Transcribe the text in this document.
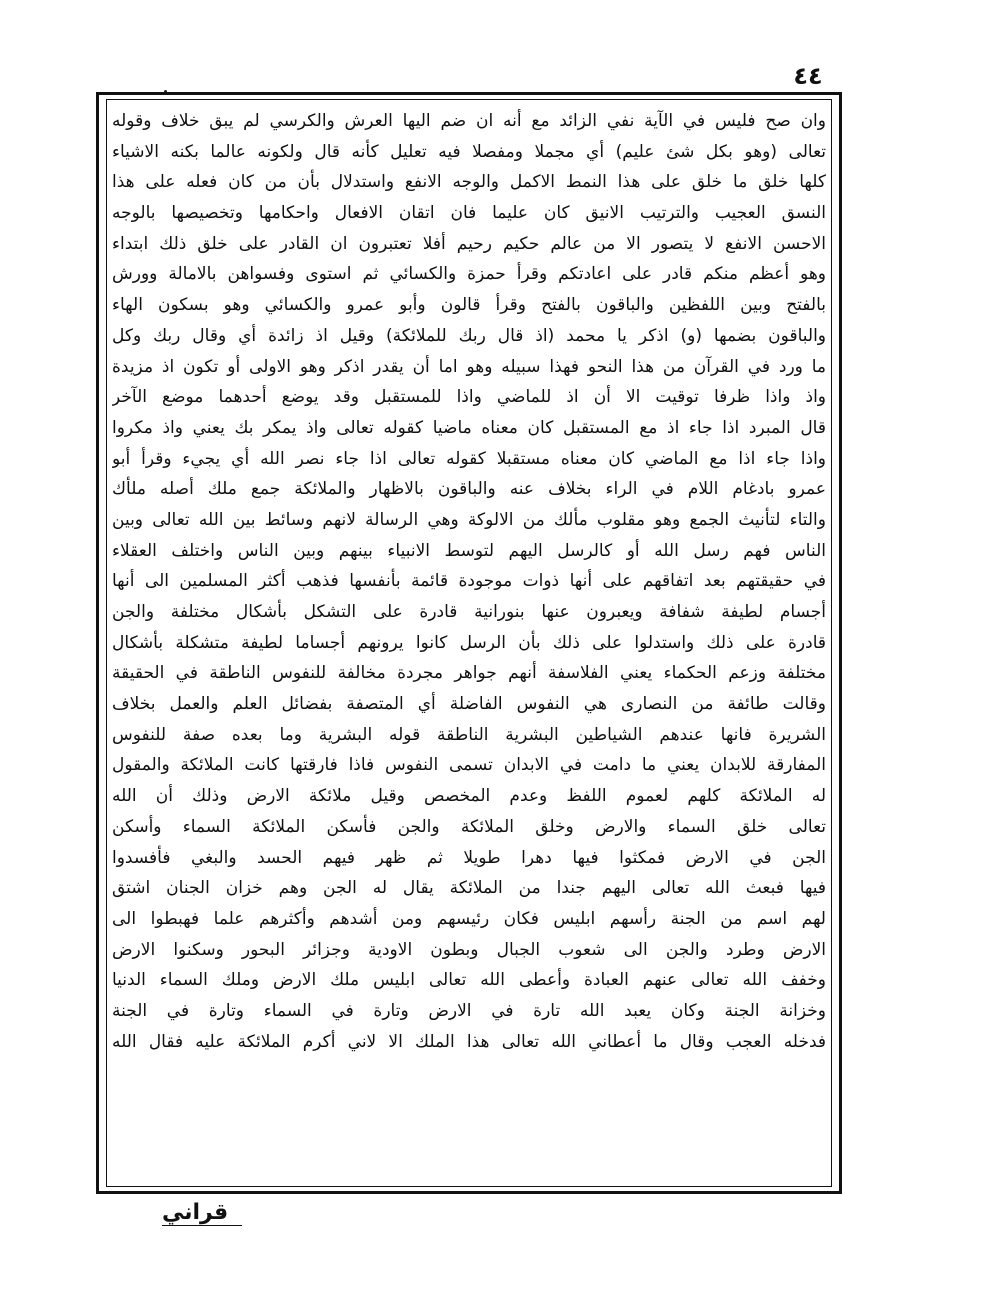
٤٤
وان صح فليس في الآية نفي الزائد مع أنه ان ضم اليها العرش والكرسي لم يبق خلاف وقوله
تعالى (وهو بكل شئ عليم) أي مجملا ومفصلا فيه تعليل كأنه قال ولكونه عالما بكنه الاشياء
كلها خلق ما خلق على هذا النمط الاكمل والوجه الانفع واستدلال بأن من كان فعله على هذا
النسق العجيب والترتيب الانيق كان عليما فان اتقان الافعال واحكامها وتخصيصها بالوجه
الاحسن الانفع لا يتصور الا من عالم حكيم رحيم أفلا تعتبرون ان القادر على خلق ذلك ابتداء
وهو أعظم منكم قادر على اعادتكم وقرأ حمزة والكسائي ثم استوى وفسواهن بالامالة وورش
بالفتح وبين اللفظين والباقون بالفتح وقرأ قالون وأبو عمرو والكسائي وهو بسكون الهاء
والباقون بضمها (و) اذكر يا محمد (اذ قال ربك للملائكة) وقيل اذ زائدة أي وقال ربك وكل
ما ورد في القرآن من هذا النحو فهذا سبيله وهو اما أن يقدر اذكر وهو الاولى أو تكون اذ مزيدة
واذ واذا ظرفا توقيت الا أن اذ للماضي واذا للمستقبل وقد يوضع أحدهما موضع الآخر
قال المبرد اذا جاء اذ مع المستقبل كان معناه ماضيا كقوله تعالى واذ يمكر بك يعني واذ مكروا
واذا جاء اذا مع الماضي كان معناه مستقبلا كقوله تعالى اذا جاء نصر الله أي يجيء وقرأ أبو
عمرو بادغام اللام في الراء بخلاف عنه والباقون بالاظهار والملائكة جمع ملك أصله ملأك
والتاء لتأنيث الجمع وهو مقلوب مألك من الالوكة وهي الرسالة لانهم وسائط بين الله تعالى وبين
الناس فهم رسل الله أو كالرسل اليهم لتوسط الانبياء بينهم وبين الناس واختلف العقلاء
في حقيقتهم بعد اتفاقهم على أنها ذوات موجودة قائمة بأنفسها فذهب أكثر المسلمين الى أنها
أجسام لطيفة شفافة ويعبرون عنها بنورانية قادرة على التشكل بأشكال مختلفة والجن
قادرة على ذلك واستدلوا على ذلك بأن الرسل كانوا يرونهم أجساما لطيفة متشكلة بأشكال
مختلفة وزعم الحكماء يعني الفلاسفة أنهم جواهر مجردة مخالفة للنفوس الناطقة في الحقيقة
وقالت طائفة من النصارى هي النفوس الفاضلة أي المتصفة بفضائل العلم والعمل بخلاف
الشريرة فانها عندهم الشياطين البشرية الناطقة قوله البشرية وما بعده صفة للنفوس
المفارقة للابدان يعني ما دامت في الابدان تسمى النفوس فاذا فارقتها كانت الملائكة والمقول
له الملائكة كلهم لعموم اللفظ وعدم المخصص وقيل ملائكة الارض وذلك أن الله
تعالى خلق السماء والارض وخلق الملائكة والجن فأسكن الملائكة السماء وأسكن
الجن في الارض فمكثوا فيها دهرا طويلا ثم ظهر فيهم الحسد والبغي فأفسدوا
فيها فبعث الله تعالى اليهم جندا من الملائكة يقال له الجن وهم خزان الجنان اشتق
لهم اسم من الجنة رأسهم ابليس فكان رئيسهم ومن أشدهم وأكثرهم علما فهبطوا الى
الارض وطرد والجن الى شعوب الجبال وبطون الاودية وجزائر البحور وسكنوا الارض
وخفف الله تعالى عنهم العبادة وأعطى الله تعالى ابليس ملك الارض وملك السماء الدنيا
وخزانة الجنة وكان يعبد الله تارة في الارض وتارة في السماء وتارة في الجنة
فدخله العجب وقال ما أعطاني الله تعالى هذا الملك الا لاني أكرم الملائكة عليه فقال الله
قراني
